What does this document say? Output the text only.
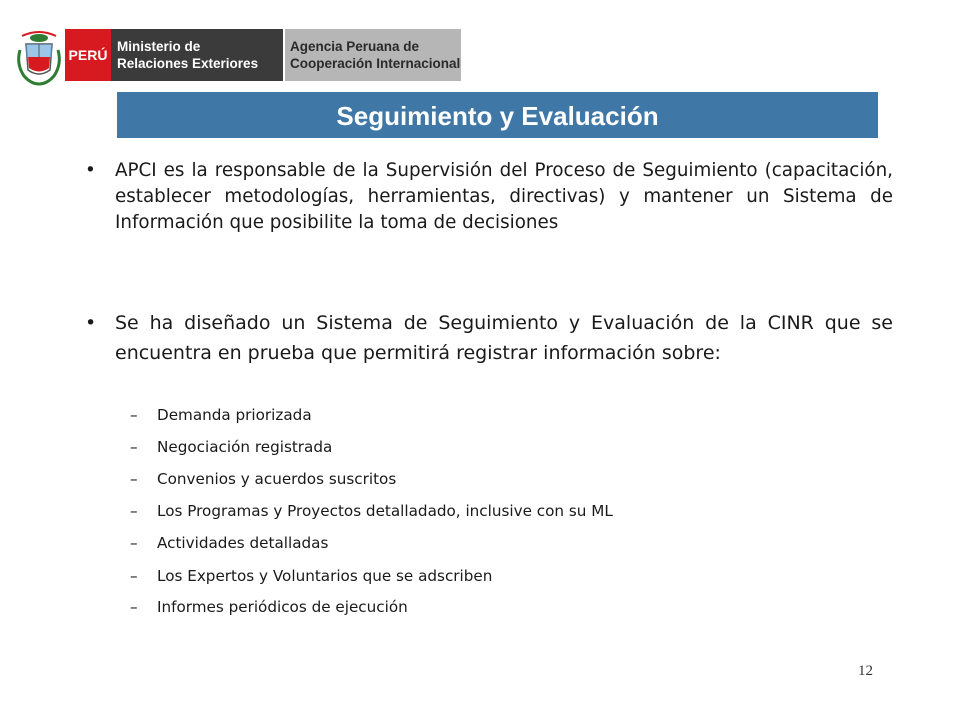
PERÚ
Ministerio de
Relaciones Exteriores
Agencia Peruana de
Cooperación Internacional
Seguimiento y Evaluación
• APCI es la responsable de la Supervisión del Proceso de Seguimiento (capacitación, establecer metodologías, herramientas, directivas) y mantener un Sistema de Información que posibilite la toma de decisiones
• Se ha diseñado un Sistema de Seguimiento y Evaluación de la CINR que se encuentra en prueba que permitirá registrar información sobre:
– Demanda priorizada
– Negociación registrada
– Convenios y acuerdos suscritos
– Los Programas y Proyectos detalladado, inclusive con su ML
– Actividades detalladas
– Los Expertos y Voluntarios que se adscriben
– Informes periódicos de ejecución
12
